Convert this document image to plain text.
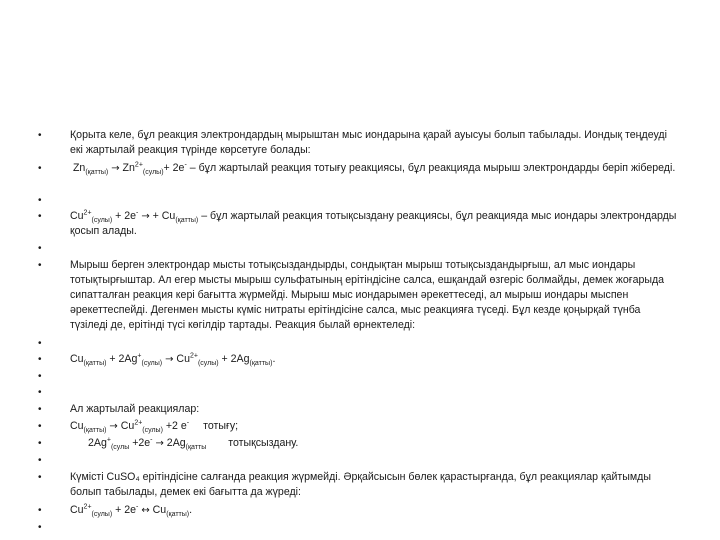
•	Қорыта келе, бұл реакция электрондардың мырыштан мыс иондарына қарай ауысуы болып табылады. Иондық теңдеуді екі жартылай реакция түрінде көрсетуге болады:
•	$Zn_{(қатты)} \to Zn^{2+}_{(сулы)}+ 2e^-$ – бұл жартылай реакция тотығу реакциясы, бұл реакцияда мырыш электрондарды беріп жібереді.
•
•	$Cu^{2+}_{(сулы)} + 2e^-$ → + $Cu_{(қатты)}$ – бұл жартылай реакция тотықсыздану реакциясы, бұл реакцияда мыс иондары электрондарды қосып алады.
•
•	Мырыш берген электрондар мысты тотықсыздандырды, сондықтан мырыш тотықсыздандырғыш, ал мыс иондары тотықтырғыштар. Ал егер мысты мырыш сульфатының ерітіндісіне салса, ешқандай өзгеріс болмайды, демек жоғарыда сипатталған реакция кері бағытта жүрмейді. Мырыш мыс иондарымен әрекеттеседі, ал мырыш иондары мыспен әрекеттеспейді. Дегенмен мысты күміс нитраты ерітіндісіне салса, мыс реакцияға түседі. Бұл кезде қоңырқай түнба түзіледі де, ерітінді түсі көгілдір тартады. Реакция былай өрнектеледі:
•
•	$Cu_{(қатты)} + 2Ag^+_{(сулы)} \to Cu^{2+}_{(сулы)} + 2Ag_{(қатты)}$.
•
•
•	Ал жартылай реакциялар:
•	$Cu_{(қатты)} \to Cu^{2+}_{(сулы)} +2$ e- тотығу;
•	$2Ag^+_{(сулы} +2e^- \to 2Ag_{(қатты}$ тотықсыздану.
•
•	Күмісті CuSO₄ ерітіндісіне салғанда реакция жүрмейді. Әрқайсысын бөлек қарастырғанда, бұл реакциялар қайтымды болып табылады, демек екі бағытта да жүреді:
•	$Cu^{2+}_{(сулы)} + 2e^-$ ↔ $Cu_{(қатты)}$.
•
